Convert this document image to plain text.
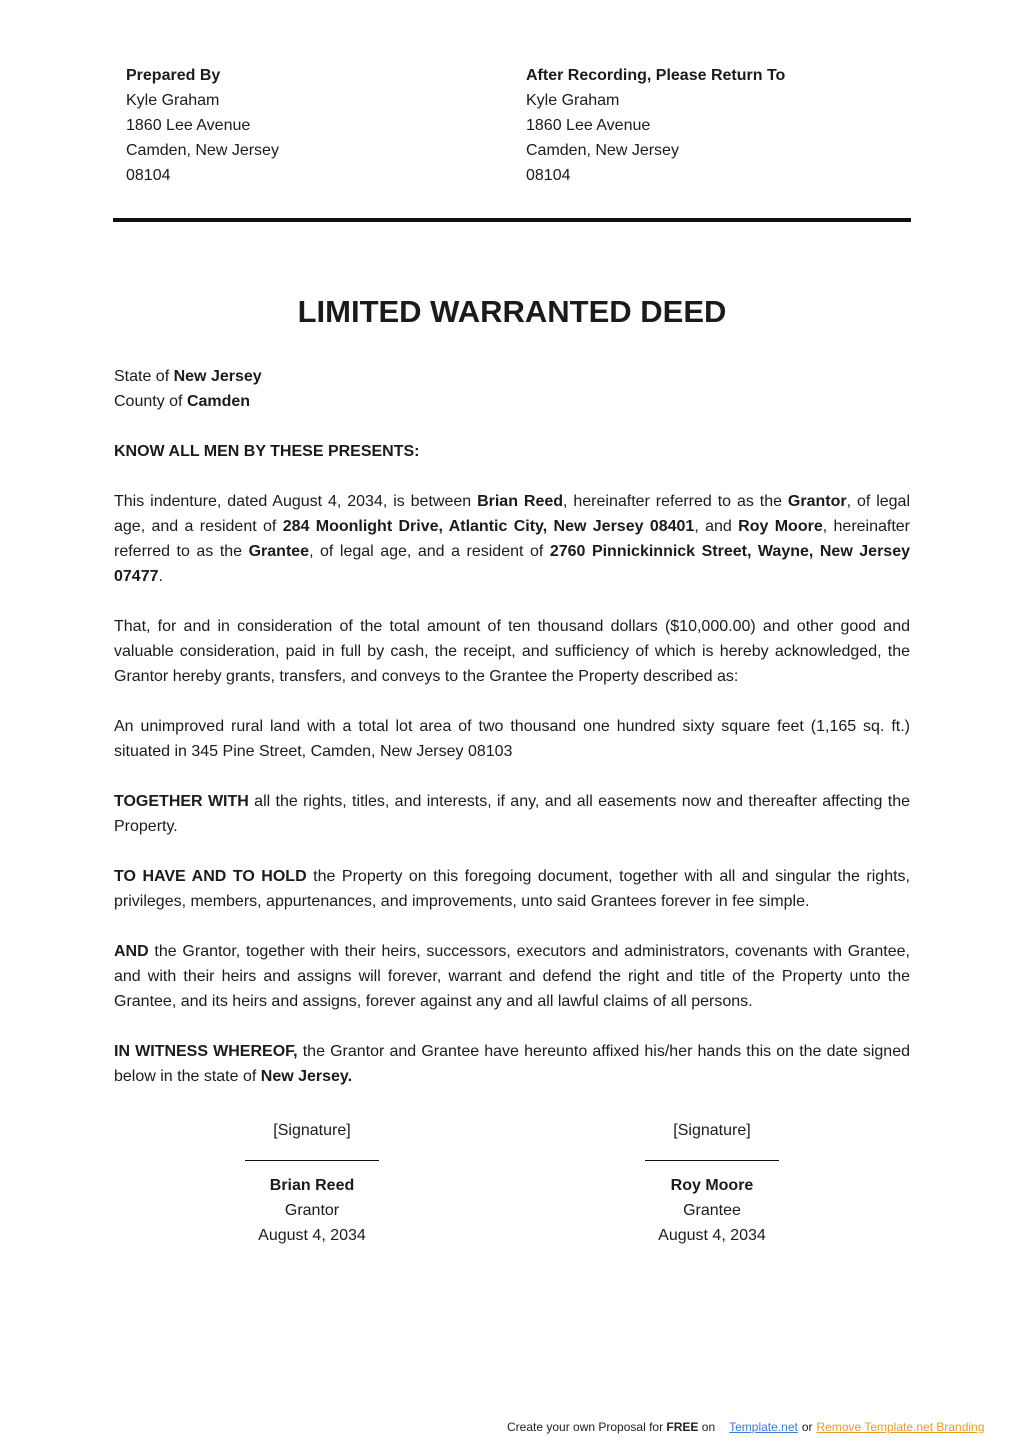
Prepared By
Kyle Graham
1860 Lee Avenue
Camden, New Jersey
08104
After Recording, Please Return To
Kyle Graham
1860 Lee Avenue
Camden, New Jersey
08104
LIMITED WARRANTED DEED

State of New Jersey

County of Camden

KNOW ALL MEN BY THESE PRESENTS:

This indenture, dated August 4, 2034, is between Brian Reed, hereinafter referred to as the Grantor, of legal age, and a resident of 284 Moonlight Drive, Atlantic City, New Jersey 08401, and Roy Moore, hereinafter referred to as the Grantee, of legal age, and a resident of 2760 Pinnickinnick Street, Wayne, New Jersey 07477.

That, for and in consideration of the total amount of ten thousand dollars ($10,000.00) and other good and valuable consideration, paid in full by cash, the receipt, and sufficiency of which is hereby acknowledged, the Grantor hereby grants, transfers, and conveys to the Grantee the Property described as:

An unimproved rural land with a total lot area of two thousand one hundred sixty square feet (1,165 sq. ft.) situated in 345 Pine Street, Camden, New Jersey 08103

TOGETHER WITH all the rights, titles, and interests, if any, and all easements now and thereafter affecting the Property.

TO HAVE AND TO HOLD the Property on this foregoing document, together with all and singular the rights, privileges, members, appurtenances, and improvements, unto said Grantees forever in fee simple.

AND the Grantor, together with their heirs, successors, executors and administrators, covenants with Grantee, and with their heirs and assigns will forever, warrant and defend the right and title of the Property unto the Grantee, and its heirs and assigns, forever against any and all lawful claims of all persons.

IN WITNESS WHEREOF, the Grantor and Grantee have hereunto affixed his/her hands this on the date signed below in the state of New Jersey.

[Signature]
Brian Reed
Grantor
August 4, 2034
[Signature]
Roy Moore
Grantee
August 4, 2034
Create your own Proposal for FREE on Template.net or Remove Template.net Branding
